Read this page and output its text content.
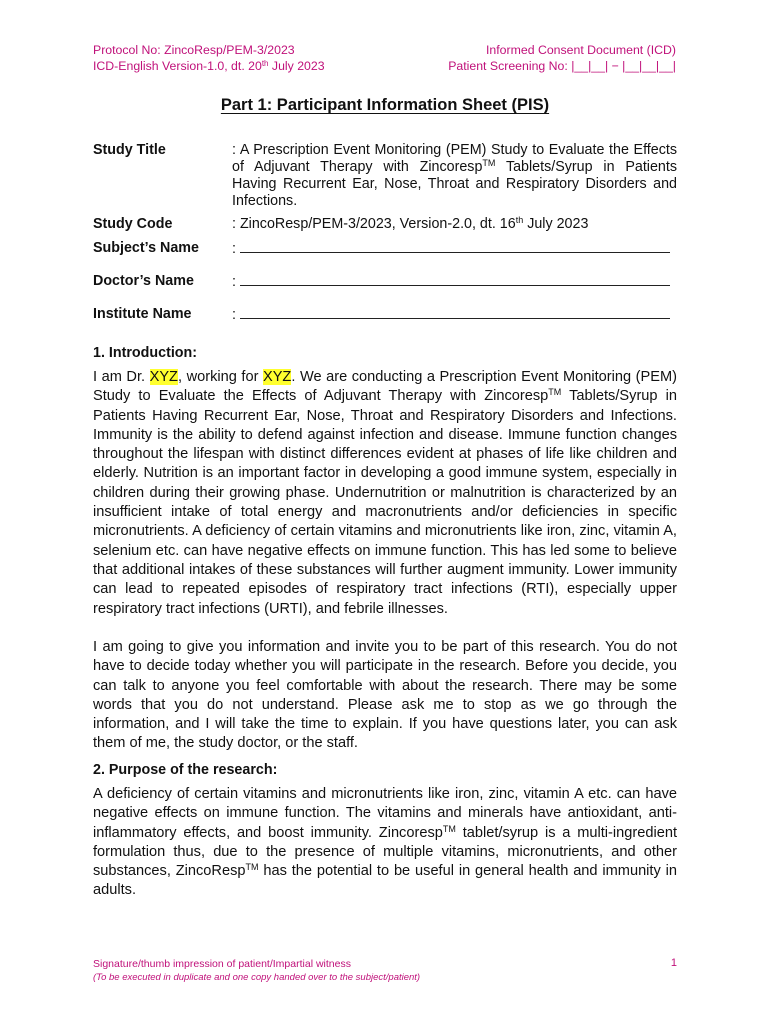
Protocol No: ZincoResp/PEM-3/2023
ICD-English Version-1.0, dt. 20th July 2023
Informed Consent Document (ICD)
Patient Screening No: |__|__| − |__|__|__|
Part 1: Participant Information Sheet (PIS)
Study Title	: A Prescription Event Monitoring (PEM) Study to Evaluate the Effects of Adjuvant Therapy with Zincoresp™ Tablets/Syrup in Patients Having Recurrent Ear, Nose, Throat and Respiratory Disorders and Infections.
Study Code	: ZincoResp/PEM-3/2023, Version-2.0, dt. 16th July 2023
Subject’s Name :
Doctor’s Name	:
Institute Name	:
1. Introduction:

I am Dr. XYZ, working for XYZ. We are conducting a Prescription Event Monitoring (PEM) Study to Evaluate the Effects of Adjuvant Therapy with Zincoresp™ Tablets/Syrup in Patients Having Recurrent Ear, Nose, Throat and Respiratory Disorders and Infections. Immunity is the ability to defend against infection and disease. Immune function changes throughout the lifespan with distinct differences evident at phases of life like children and elderly. Nutrition is an important factor in developing a good immune system, especially in children during their growing phase. Undernutrition or malnutrition is characterized by an insufficient intake of total energy and macronutrients and/or deficiencies in specific micronutrients. A deficiency of certain vitamins and micronutrients like iron, zinc, vitamin A, selenium etc. can have negative effects on immune function. This has led some to believe that additional intakes of these substances will further augment immunity. Lower immunity can lead to repeated episodes of respiratory tract infections (RTI), especially upper respiratory tract infections (URTI), and febrile illnesses.

I am going to give you information and invite you to be part of this research. You do not have to decide today whether you will participate in the research. Before you decide, you can talk to anyone you feel comfortable with about the research. There may be some words that you do not understand. Please ask me to stop as we go through the information, and I will take the time to explain. If you have questions later, you can ask them of me, the study doctor, or the staff.

2. Purpose of the research:

A deficiency of certain vitamins and micronutrients like iron, zinc, vitamin A etc. can have negative effects on immune function. The vitamins and minerals have antioxidant, anti-inflammatory effects, and boost immunity. Zincoresp™ tablet/syrup is a multi-ingredient formulation thus, due to the presence of multiple vitamins, micronutrients, and other substances, ZincoResp™ has the potential to be useful in general health and immunity in adults.

Signature/thumb impression of patient/Impartial witness
(To be executed in duplicate and one copy handed over to the subject/patient)
1
